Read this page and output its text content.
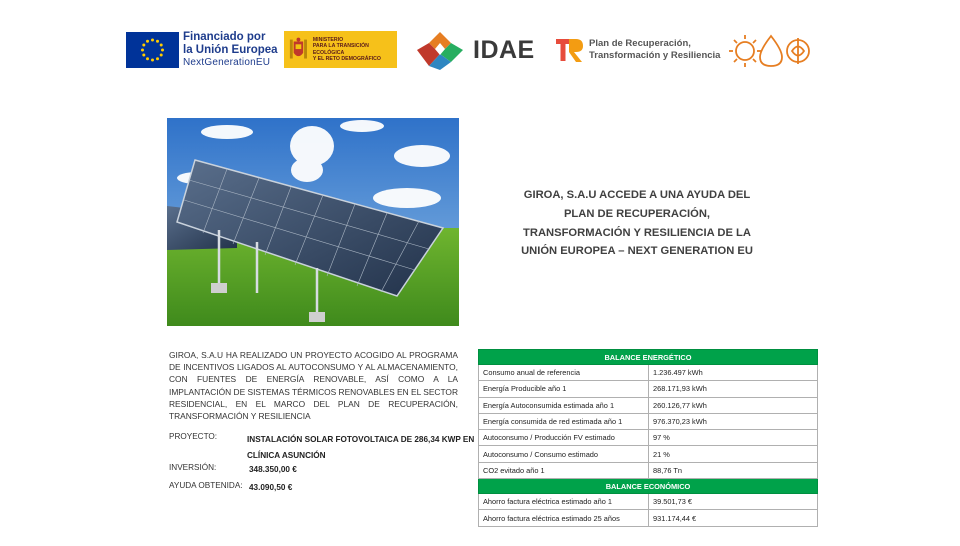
Financiado por
la Unión Europea
NextGenerationEU
MINISTERIO
PARA LA TRANSICIÓN ECOLÓGICA
Y EL RETO DEMOGRÁFICO	IDAE	Plan de Recuperación,
Transformación y Resiliencia
GIROA, S.A.U ACCEDE A UNA AYUDA DEL
PLAN DE RECUPERACIÓN,
TRANSFORMACIÓN Y RESILIENCIA DE LA
UNIÓN EUROPEA – NEXT GENERATION EU
GIROA, S.A.U HA REALIZADO UN PROYECTO ACOGIDO AL PROGRAMA DE INCENTIVOS LIGADOS AL AUTOCONSUMO Y AL ALMACENAMIENTO, CON FUENTES DE ENERGÍA RENOVABLE, ASÍ COMO A LA IMPLANTACIÓN DE SISTEMAS TÉRMICOS RENOVABLES EN EL SECTOR RESIDENCIAL, EN EL MARCO DEL PLAN DE RECUPERACIÓN, TRANSFORMACIÓN Y RESILIENCIA
PROYECTO:	INSTALACIÓN SOLAR FOTOVOLTAICA DE 286,34 KWP EN
CLÍNICA ASUNCIÓN
INVERSIÓN:	348.350,00 €
AYUDA OBTENIDA: 43.090,50 €
BALANCE ENERGÉTICO	
Consumo anual de referencia	1.236.497 kWh
Energía Producible año 1	268.171,93 kWh
Energía Autoconsumida estimada año 1	260.126,77 kWh
Energía consumida de red estimada año 1	976.370,23 kWh
Autoconsumo / Producción FV estimado	97 %
Autoconsumo / Consumo estimado	21 %
CO2 evitado año 1	88,76 Tn
BALANCE ECONÓMICO	
Ahorro factura eléctrica estimado año 1	39.501,73 €
Ahorro factura eléctrica estimado 25 años	931.174,44 €
